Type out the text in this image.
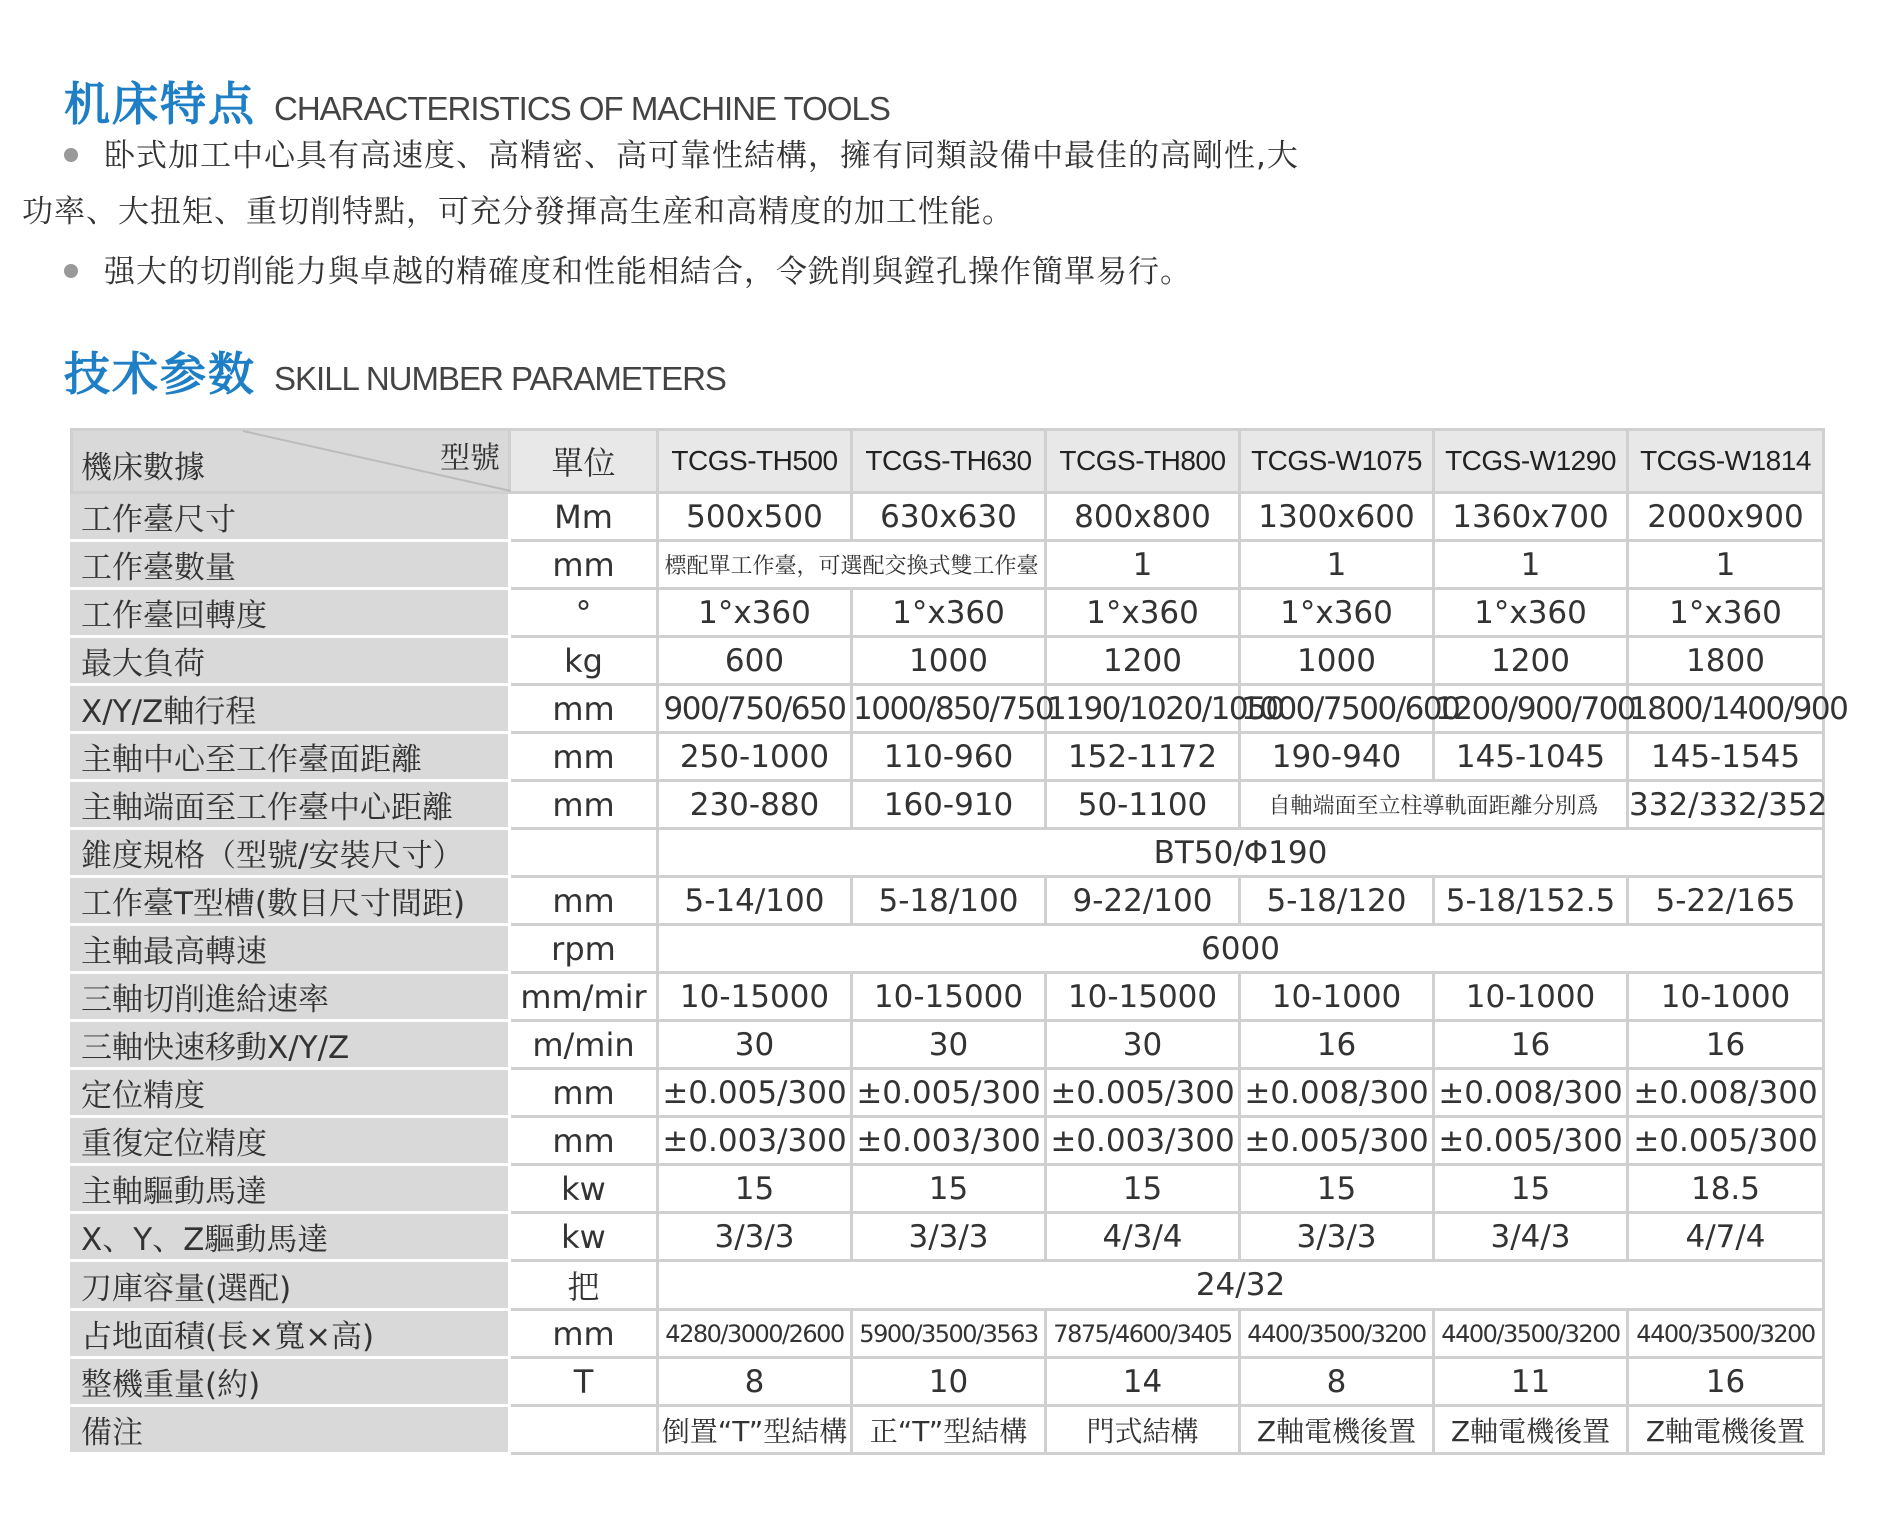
机床特点 CHARACTERISTICS OF MACHINE TOOLS
卧式加工中心具有高速度、高精密、高可靠性結構，擁有同類設備中最佳的高剛性,大
功率、大扭矩、重切削特點，可充分發揮高生産和高精度的加工性能。
强大的切削能力與卓越的精確度和性能相結合，令銑削與鏜孔操作簡單易行。
技术参数 SKILL NUMBER PARAMETERS
型號
機床數據	單位	TCGS-TH500	TCGS-TH630	TCGS-TH800	TCGS-W1075	TCGS-W1290	TCGS-W1814
工作臺尺寸	Mm	500x500	630x630	800x800	1300x600	1360x700	2000x900
工作臺數量	mm	標配單工作臺，可選配交換式雙工作臺		1	1	1	1
工作臺回轉度	°	1°x360	1°x360	1°x360	1°x360	1°x360	1°x360
最大負荷	kg	600	1000	1200	1000	1200	1800
X/Y/Z軸行程	mm	900/750/650	1000/850/750	1190/1020/1050	1000/7500/600	1200/900/700	1800/1400/900
主軸中心至工作臺面距離	mm	250-1000	110-960	152-1172	190-940	145-1045	145-1545
主軸端面至工作臺中心距離	mm	230-880	160-910	50-1100	自軸端面至立柱導軌面距離分別爲		332/332/352
錐度規格（型號/安裝尺寸）		BT50/Φ190					
工作臺T型槽(數目尺寸間距)	mm	5-14/100	5-18/100	9-22/100	5-18/120	5-18/152.5	5-22/165
主軸最高轉速	rpm	6000					
三軸切削進給速率	mm/mir	10-15000	10-15000	10-15000	10-1000	10-1000	10-1000
三軸快速移動X/Y/Z	m/min	30	30	30	16	16	16
定位精度	mm	±0.005/300	±0.005/300	±0.005/300	±0.008/300	±0.008/300	±0.008/300
重復定位精度	mm	±0.003/300	±0.003/300	±0.003/300	±0.005/300	±0.005/300	±0.005/300
主軸驅動馬達	kw	15	15	15	15	15	18.5
X、Y、Z驅動馬達	kw	3/3/3	3/3/3	4/3/4	3/3/3	3/4/3	4/7/4
刀庫容量(選配)	把	24/32					
占地面積(長×寬×高)	mm	4280/3000/2600	5900/3500/3563	7875/4600/3405	4400/3500/3200	4400/3500/3200	4400/3500/3200
整機重量(約)	T	8	10	14	8	11	16
備注		倒置“T”型結構	正“T”型結構	門式結構	Z軸電機後置	Z軸電機後置	Z軸電機後置
